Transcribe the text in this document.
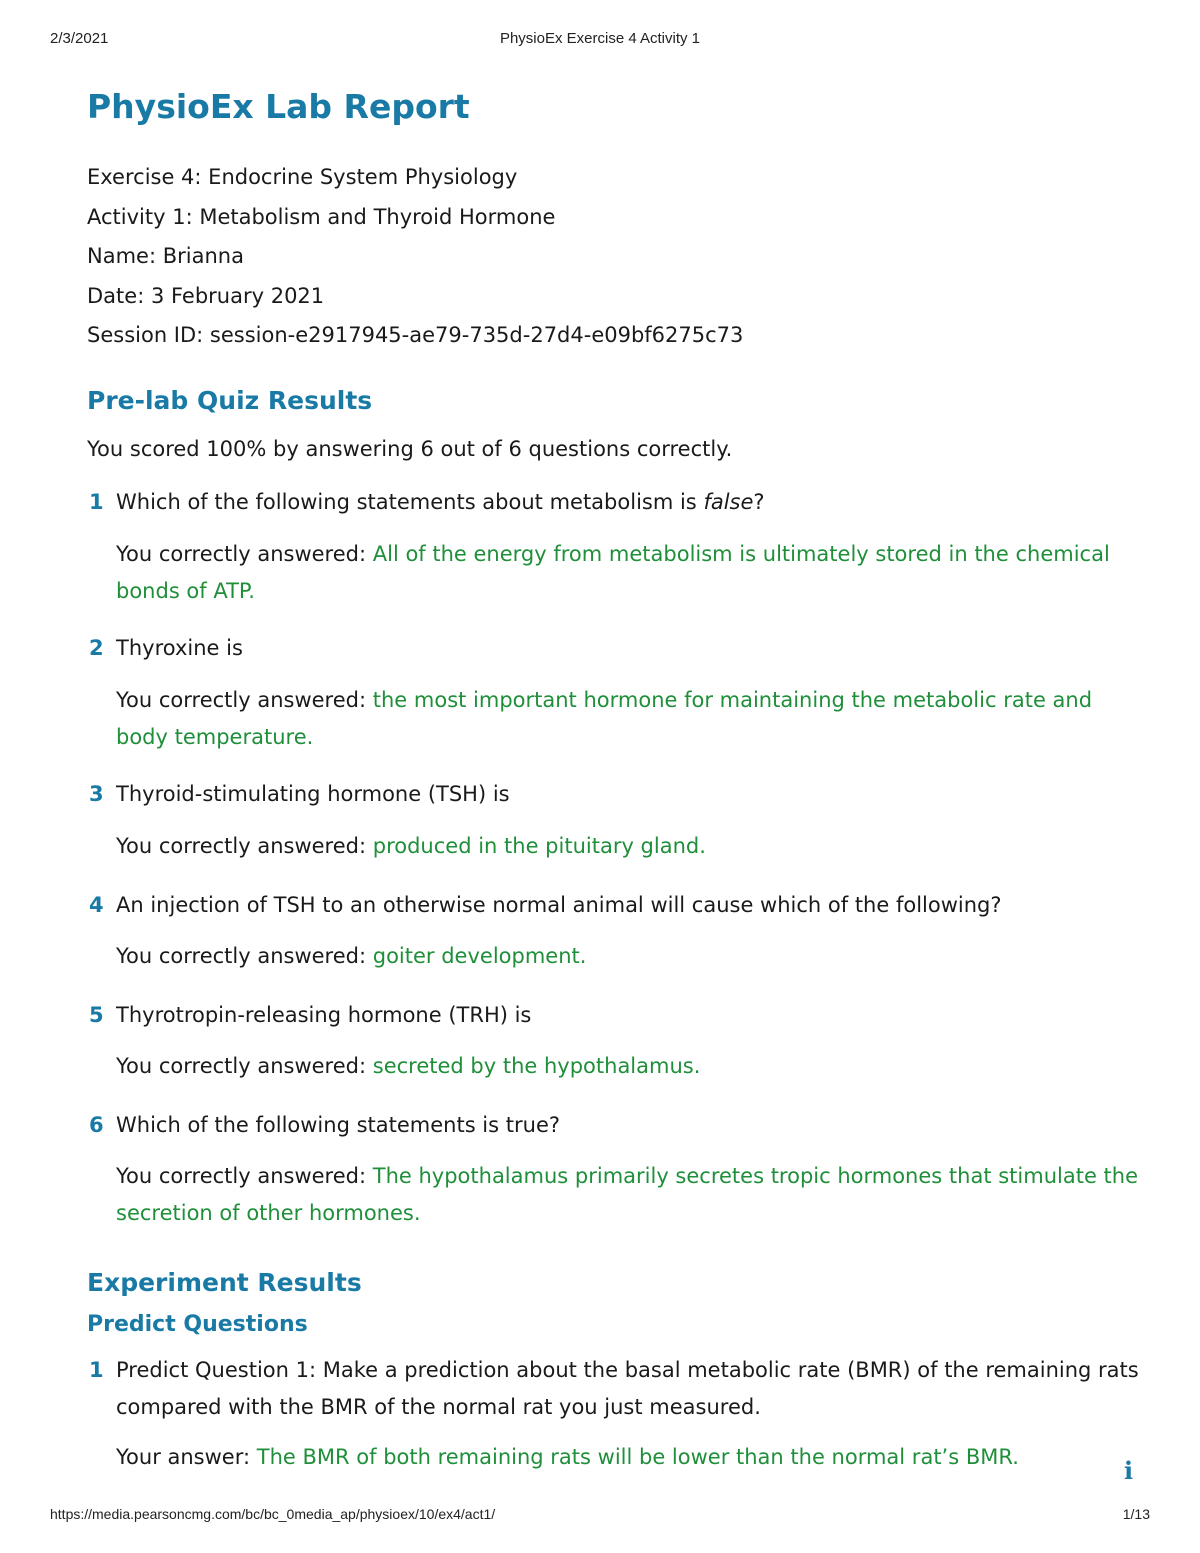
2/3/2021	PhysioEx Exercise 4 Activity 1
PhysioEx Lab Report
Exercise 4: Endocrine System Physiology
Activity 1: Metabolism and Thyroid Hormone
Name: Brianna
Date: 3 February 2021
Session ID: session-e2917945-ae79-735d-27d4-e09bf6275c73
Pre-lab Quiz Results
You scored 100% by answering 6 out of 6 questions correctly.
1 Which of the following statements about metabolism is false?
You correctly answered: All of the energy from metabolism is ultimately stored in the chemical bonds of ATP.
2 Thyroxine is
You correctly answered: the most important hormone for maintaining the metabolic rate and body temperature.
3 Thyroid-stimulating hormone (TSH) is
You correctly answered: produced in the pituitary gland.
4 An injection of TSH to an otherwise normal animal will cause which of the following?
You correctly answered: goiter development.
5 Thyrotropin-releasing hormone (TRH) is
You correctly answered: secreted by the hypothalamus.
6 Which of the following statements is true?
You correctly answered: The hypothalamus primarily secretes tropic hormones that stimulate the secretion of other hormones.
Experiment Results
Predict Questions
1 Predict Question 1: Make a prediction about the basal metabolic rate (BMR) of the remaining rats compared with the BMR of the normal rat you just measured.
Your answer: The BMR of both remaining rats will be lower than the normal rat’s BMR.	i
https://media.pearsoncmg.com/bc/bc_0media_ap/physioex/10/ex4/act1/	1/13
